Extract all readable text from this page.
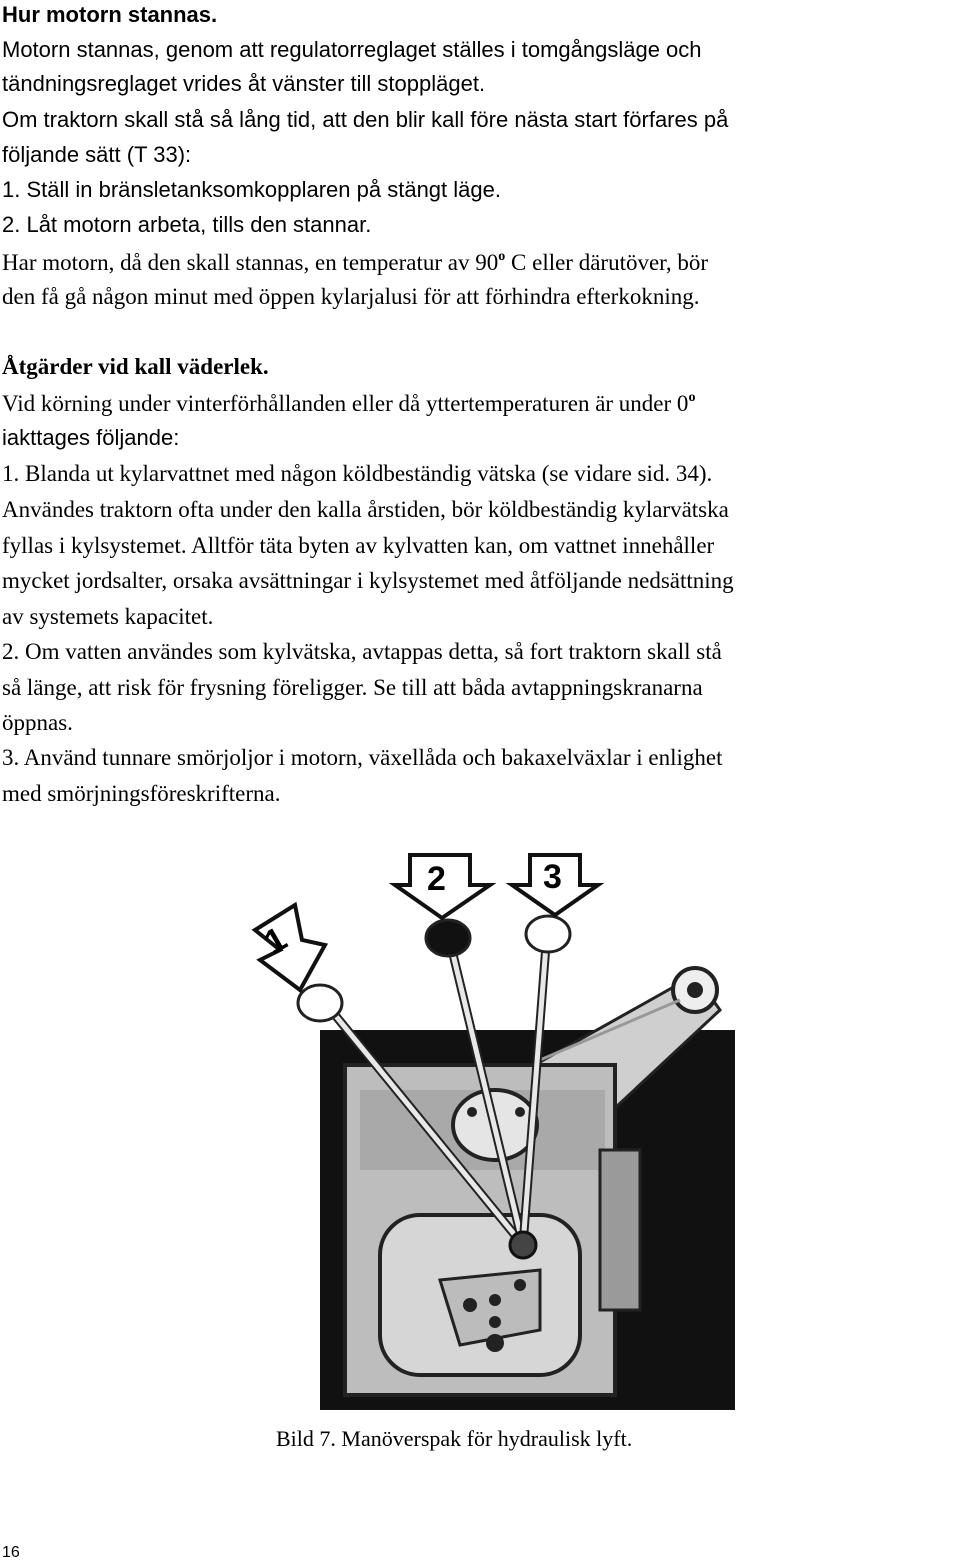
Hur motorn stannas.
Motorn stannas, genom att regulatorreglaget ställes i tomgångsläge och
tändningsreglaget vrides åt vänster till stoppläget.
Om traktorn skall stå så lång tid, att den blir kall före nästa start förfares på
följande sätt (T 33):
1. Ställ in bränsletanksomkopplaren på stängt läge.
2. Låt motorn arbeta, tills den stannar.
Har motorn, då den skall stannas, en temperatur av 90$^o$ C eller därutöver, bör
den få gå någon minut med öppen kylarjalusi för att förhindra efterkokning.
Åtgärder vid kall väderlek.
Vid körning under vinterförhållanden eller då yttertemperaturen är under 0$^o$
iakttages följande:
1. Blanda ut kylarvattnet med någon köldbeständig vätska (se vidare sid. 34).
Användes traktorn ofta under den kalla årstiden, bör köldbeständig kylarvätska
fyllas i kylsystemet. Alltför täta byten av kylvatten kan, om vattnet innehåller
mycket jordsalter, orsaka avsättningar i kylsystemet med åtföljande nedsättning
av systemets kapacitet.
2. Om vatten användes som kylvätska, avtappas detta, så fort traktorn skall stå
så länge, att risk för frysning föreligger. Se till att båda avtappningskranarna
öppnas.
3. Använd tunnare smörjoljor i motorn, växellåda och bakaxelväxlar i enlighet
med smörjningsföreskrifterna.
1
2	3
Bild 7. Manöverspak för hydraulisk lyft.
16
